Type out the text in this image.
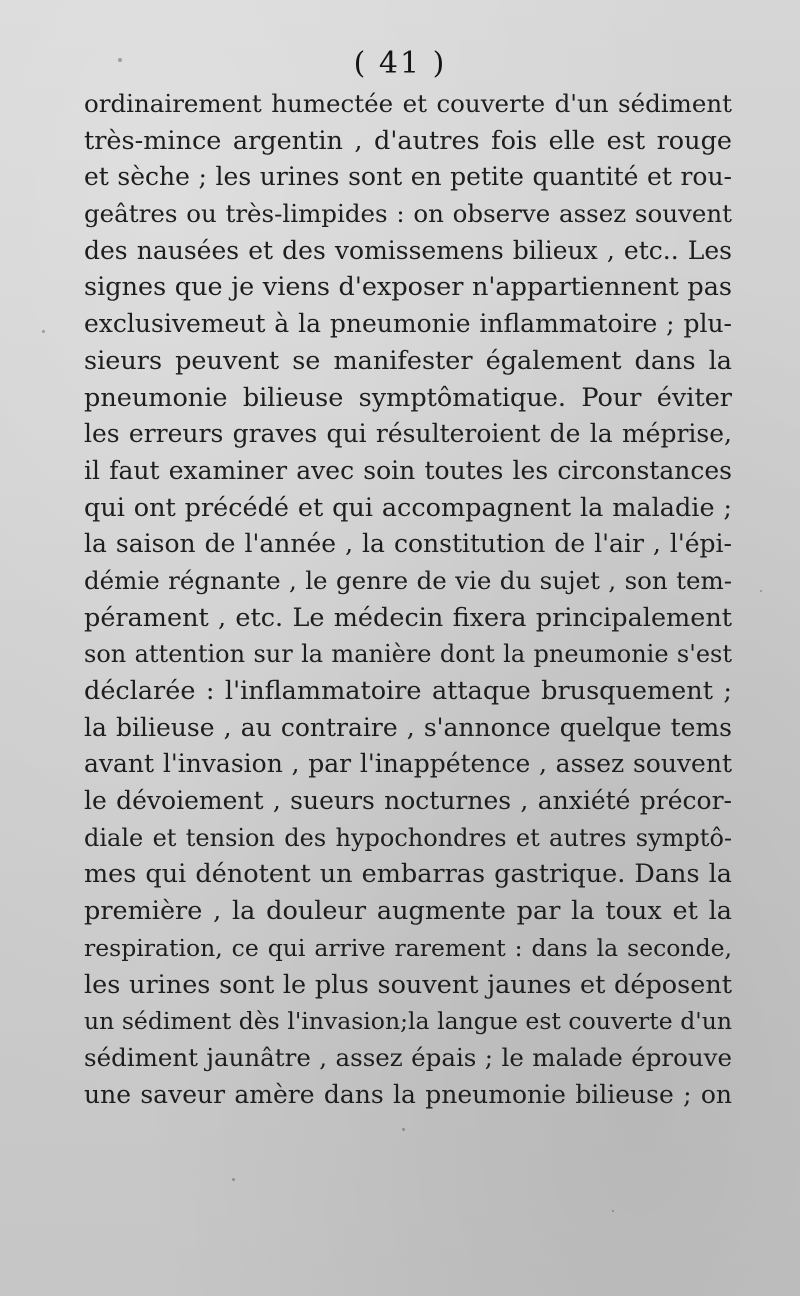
( 41 )
ordinairement humectée et couverte d'un sédiment
très-mince argentin , d'autres fois elle est rouge
et sèche ; les urines sont en petite quantité et rou-
geâtres ou très-limpides : on observe assez souvent
des nausées et des vomissemens bilieux , etc.. Les
signes que je viens d'exposer n'appartiennent pas
exclusivemeut à la pneumonie inflammatoire ; plu-
sieurs peuvent se manifester également dans la
pneumonie bilieuse symptômatique. Pour éviter
les erreurs graves qui résulteroient de la méprise,
il faut examiner avec soin toutes les circonstances
qui ont précédé et qui accompagnent la maladie ;
la saison de l'année , la constitution de l'air , l'épi-
démie régnante , le genre de vie du sujet , son tem-
pérament , etc. Le médecin fixera principalement
son attention sur la manière dont la pneumonie s'est
déclarée : l'inflammatoire attaque brusquement ;
la bilieuse , au contraire , s'annonce quelque tems
avant l'invasion , par l'inappétence , assez souvent
le dévoiement , sueurs nocturnes , anxiété précor-
diale et tension des hypochondres et autres symptô-
mes qui dénotent un embarras gastrique. Dans la
première , la douleur augmente par la toux et la
respiration, ce qui arrive rarement : dans la seconde,
les urines sont le plus souvent jaunes et déposent
un sédiment dès l'invasion;la langue est couverte d'un
sédiment jaunâtre , assez épais ; le malade éprouve
une saveur amère dans la pneumonie bilieuse ; on
